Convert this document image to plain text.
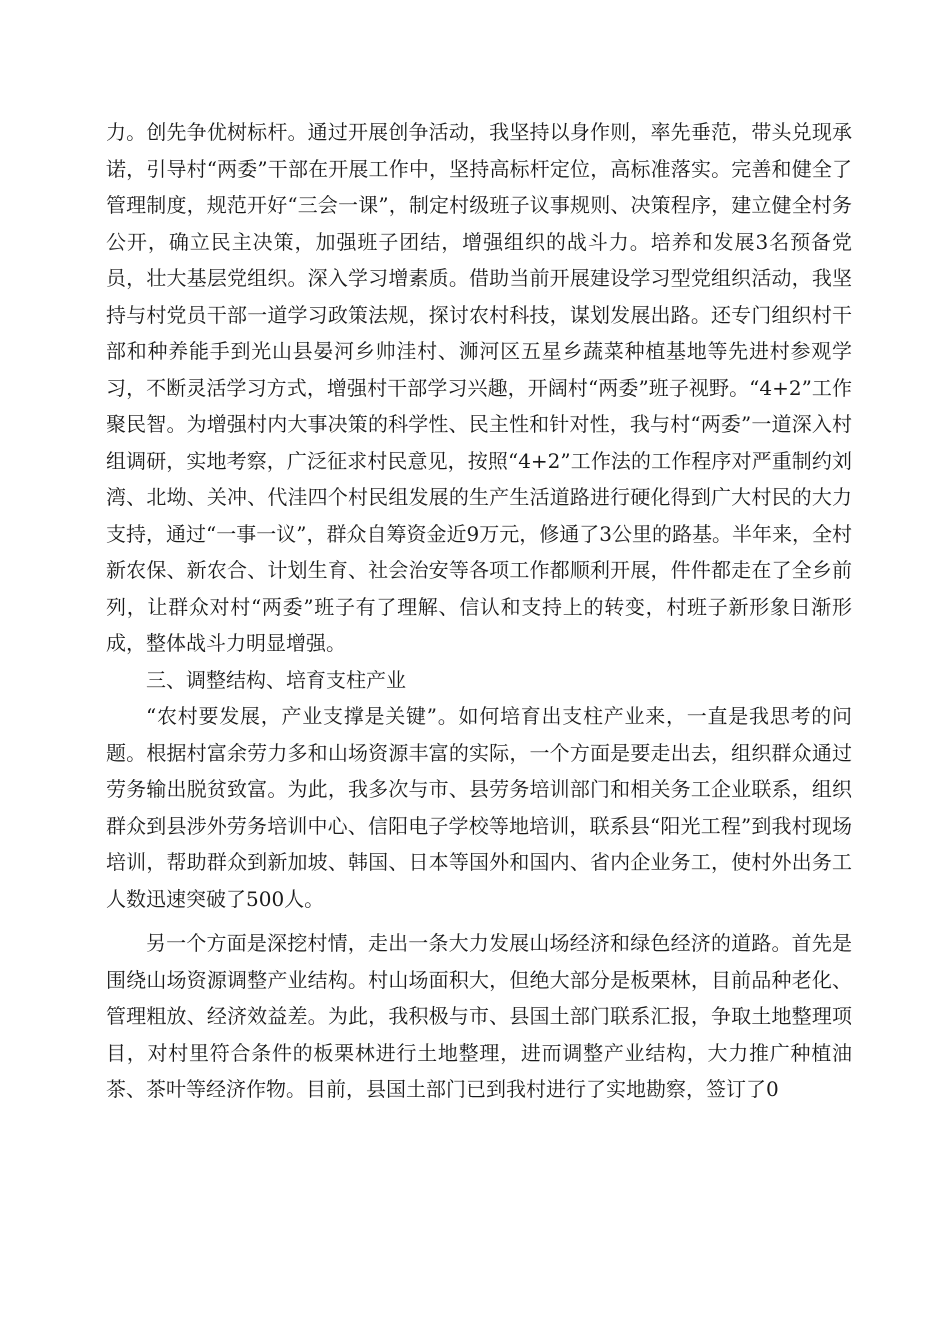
力。创先争优树标杆。通过开展创争活动，我坚持以身作则，率先垂范，带头兑现承诺，引导村“两委”干部在开展工作中，坚持高标杆定位，高标准落实。完善和健全了管理制度，规范开好“三会一课”，制定村级班子议事规则、决策程序，建立健全村务公开，确立民主决策，加强班子团结，增强组织的战斗力。培养和发展3名预备党员，壮大基层党组织。深入学习增素质。借助当前开展建设学习型党组织活动，我坚持与村党员干部一道学习政策法规，探讨农村科技，谋划发展出路。还专门组织村干部和种养能手到光山县晏河乡帅洼村、浉河区五星乡蔬菜种植基地等先进村参观学习，不断灵活学习方式，增强村干部学习兴趣，开阔村“两委”班子视野。“4+2”工作聚民智。为增强村内大事决策的科学性、民主性和针对性，我与村“两委”一道深入村组调研，实地考察，广泛征求村民意见，按照“4+2”工作法的工作程序对严重制约刘湾、北坳、关冲、代洼四个村民组发展的生产生活道路进行硬化得到广大村民的大力支持，通过“一事一议”，群众自筹资金近9万元，修通了3公里的路基。半年来，全村新农保、新农合、计划生育、社会治安等各项工作都顺利开展，件件都走在了全乡前列，让群众对村“两委”班子有了理解、信认和支持上的转变，村班子新形象日渐形成，整体战斗力明显增强。

三、调整结构、培育支柱产业

“农村要发展，产业支撑是关键”。如何培育出支柱产业来，一直是我思考的问题。根据村富余劳力多和山场资源丰富的实际，一个方面是要走出去，组织群众通过劳务输出脱贫致富。为此，我多次与市、县劳务培训部门和相关务工企业联系，组织群众到县涉外劳务培训中心、信阳电子学校等地培训，联系县“阳光工程”到我村现场培训，帮助群众到新加坡、韩国、日本等国外和国内、省内企业务工，使村外出务工人数迅速突破了500人。

另一个方面是深挖村情，走出一条大力发展山场经济和绿色经济的道路。首先是围绕山场资源调整产业结构。村山场面积大，但绝大部分是板栗林，目前品种老化、管理粗放、经济效益差。为此，我积极与市、县国土部门联系汇报，争取土地整理项目，对村里符合条件的板栗林进行土地整理，进而调整产业结构，大力推广种植油茶、茶叶等经济作物。目前，县国土部门已到我村进行了实地勘察，签订了0
